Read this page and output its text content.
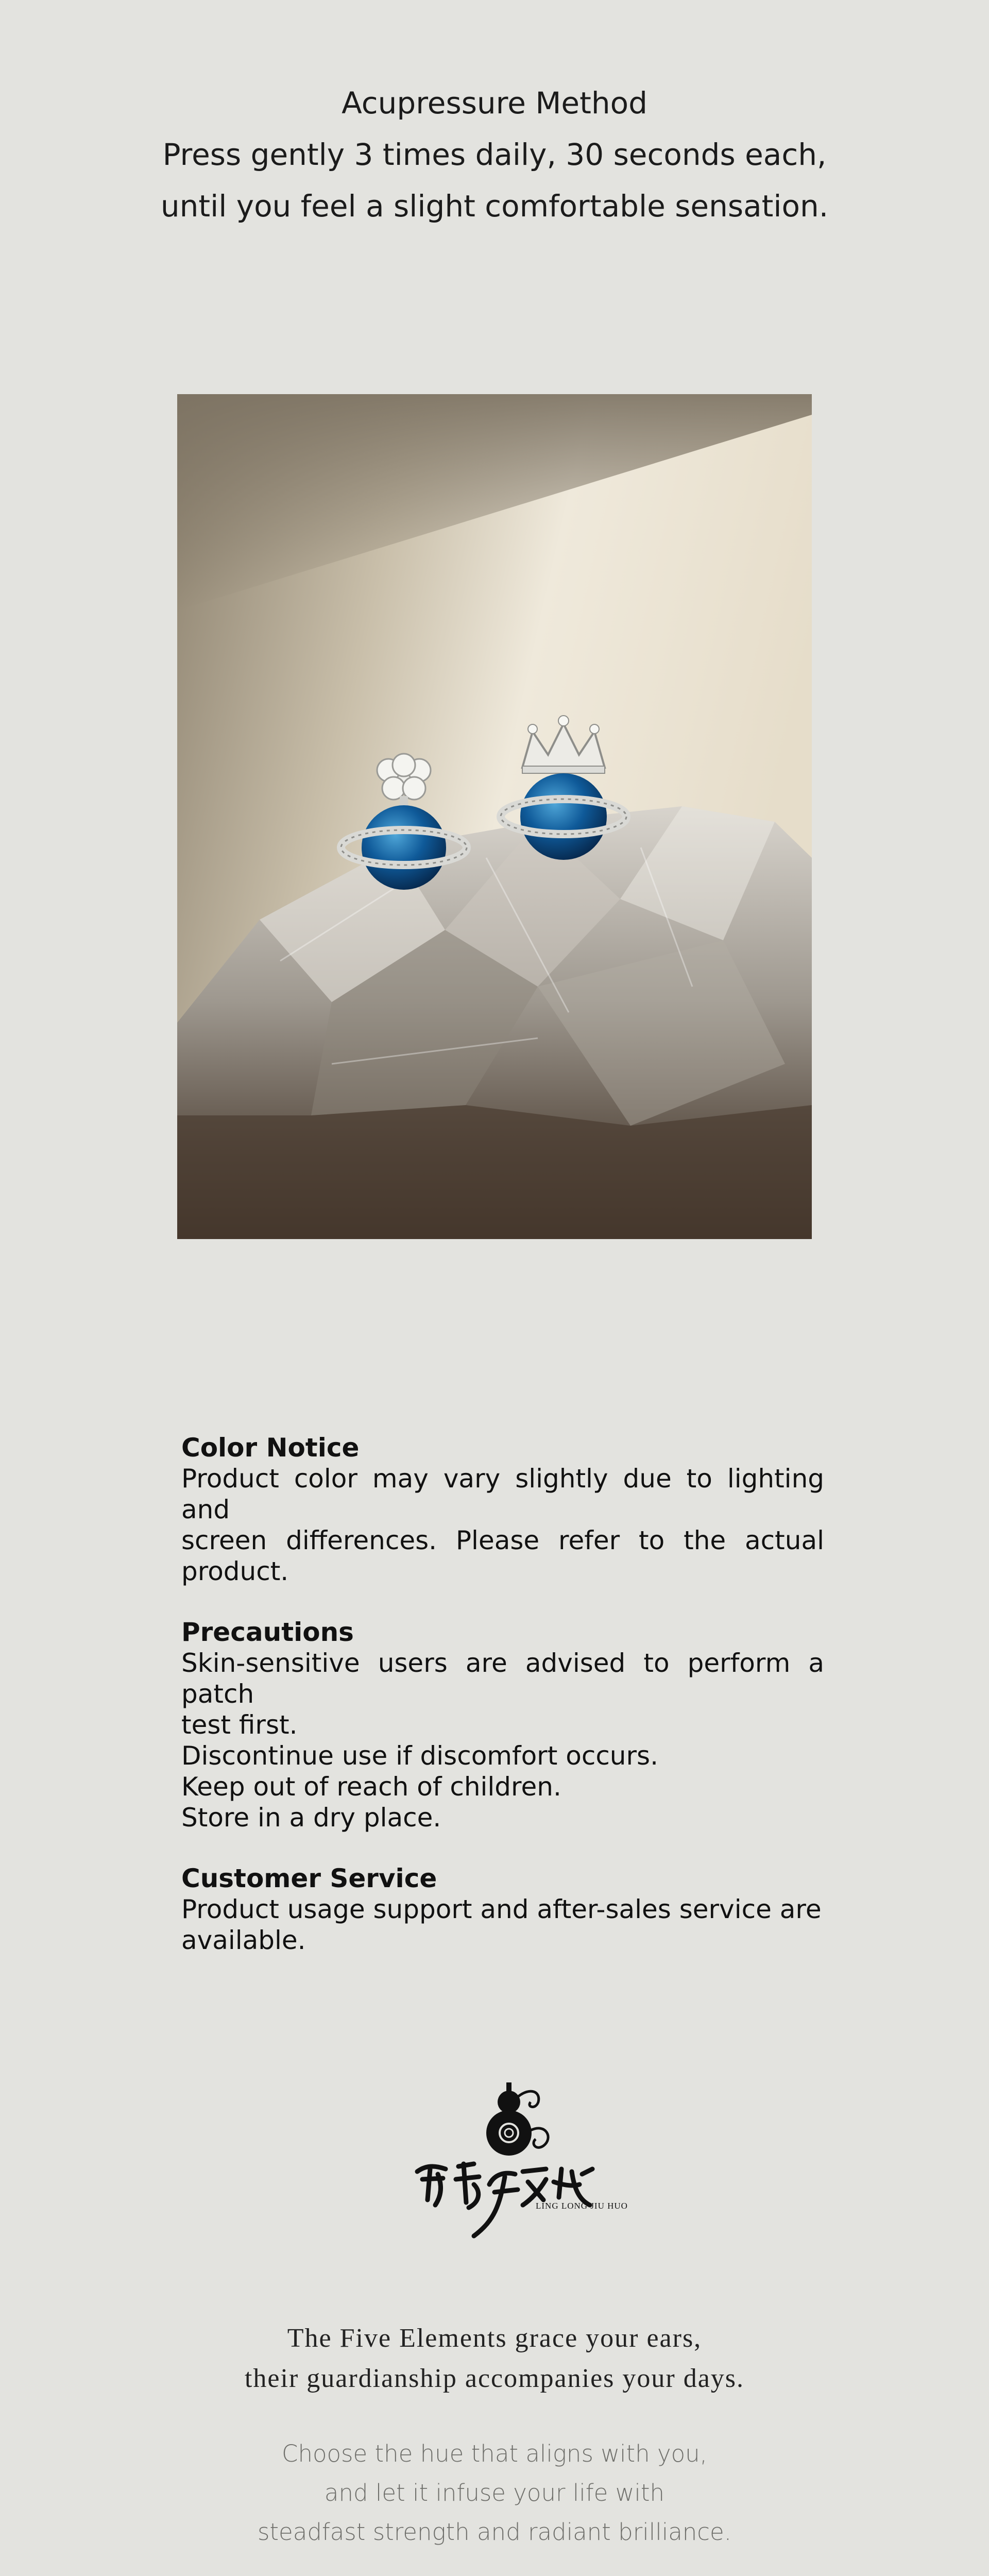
Acupressure Method
Press gently 3 times daily, 30 seconds each,
until you feel a slight comfortable sensation.
Color Notice
Product color may vary slightly due to lighting and
screen differences. Please refer to the actual product.
Precautions
Skin-sensitive users are advised to perform a patch
test first.
Discontinue use if discomfort occurs.
Keep out of reach of children.
Store in a dry place.
Customer Service
Product usage support and after-sales service are
available.
LING LONG JIU HUO
The Five Elements grace your ears,
their guardianship accompanies your days.
Choose the hue that aligns with you,
and let it infuse your life with
steadfast strength and radiant brilliance.
